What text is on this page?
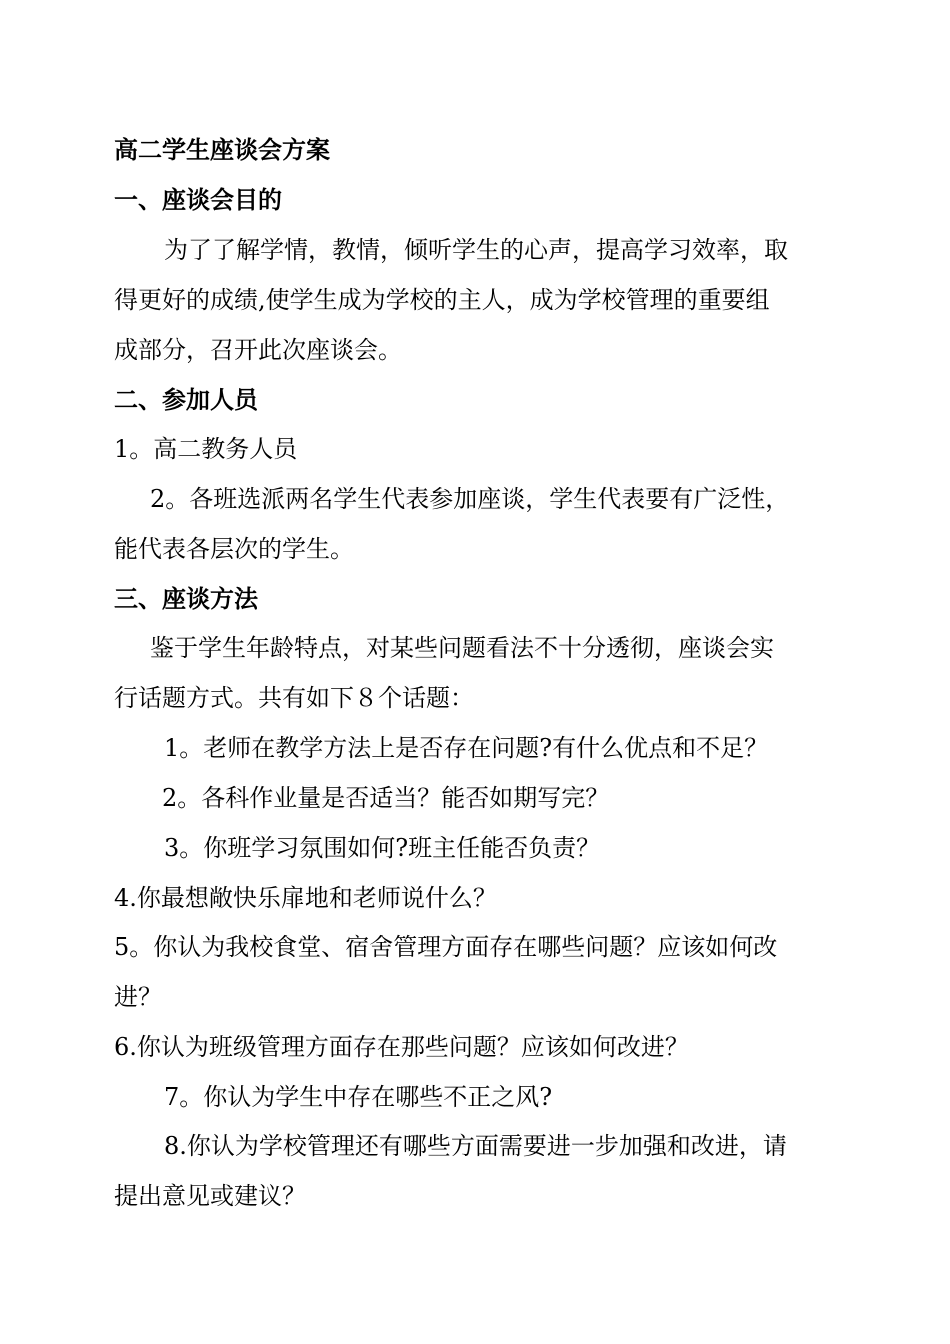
高二学生座谈会方案
一、座谈会目的
为了了解学情，教情，倾听学生的心声，提高学习效率，取
得更好的成绩,使学生成为学校的主人，成为学校管理的重要组
成部分，召开此次座谈会。
二、参加人员
1。高二教务人员
2。各班选派两名学生代表参加座谈，学生代表要有广泛性，
能代表各层次的学生。
三、座谈方法
鉴于学生年龄特点，对某些问题看法不十分透彻，座谈会实
行话题方式。共有如下８个话题：
1。老师在教学方法上是否存在问题?有什么优点和不足？
2。各科作业量是否适当？能否如期写完？
3。你班学习氛围如何?班主任能否负责？
4.你最想敞快乐扉地和老师说什么？
5。你认为我校食堂、宿舍管理方面存在哪些问题？应该如何改
进？
6.你认为班级管理方面存在那些问题？应该如何改进？
7。你认为学生中存在哪些不正之风?
8.你认为学校管理还有哪些方面需要进一步加强和改进，请
提出意见或建议？
